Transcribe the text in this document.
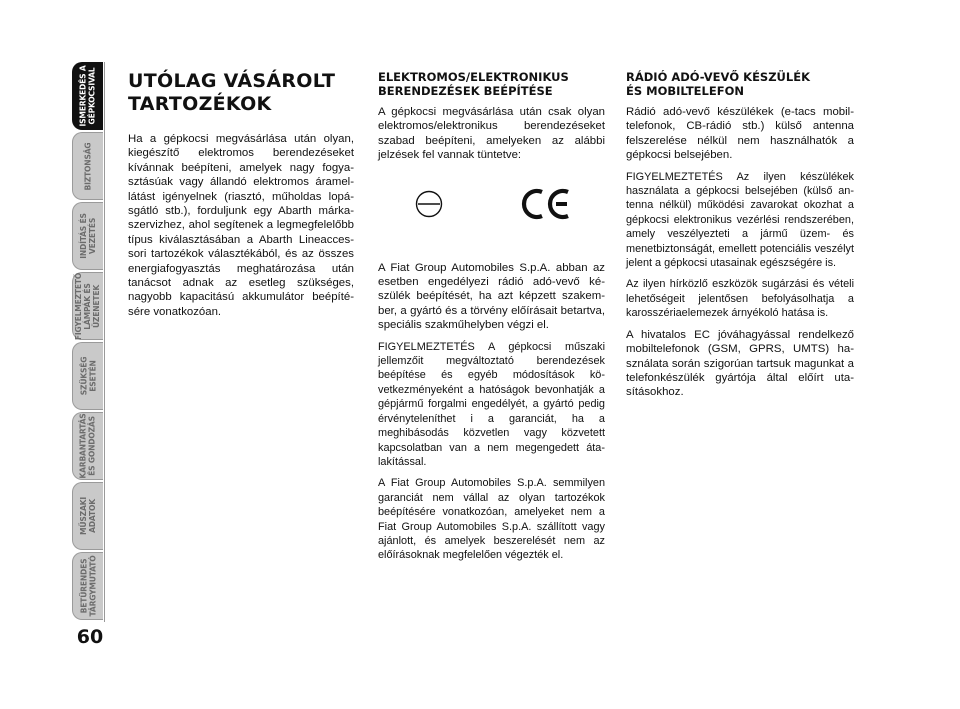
ISMERKEDÉS A
GÉPKOCSIVAL
BIZTONSÁG
INDÍTÁS ÉS
VEZETÉS
FIGYELMEZTETŐ
LÁMPÁK ÉS
ÜZENETEK
SZÜKSÉG
ESETÉN
KARBANTARTÁS
ÉS GONDOZÁS
MŰSZAKI
ADATOK
BETŰRENDES
TÁRGYMUTATÓ
60
UTÓLAG VÁSÁROLT
TARTOZÉKOK

Ha a gépkocsi megvásárlása után olyan, kiegészítő elektromos berendezéseket kívánnak beépíteni, amelyek nagy fogyasztásúak vagy állandó elektromos áramellátást igényelnek (riasztó, műholdas lopásgátló stb.), forduljunk egy Abarth márkaszervizhez, ahol segítenek a legmegfelelőbb típus kiválasztásában a Abarth Lineaccessori tartozékok választékából, és az összes energiafogyasztás meghatározása után tanácsot adnak az esetleg szükséges, nagyobb kapacitású akkumulátor beépítésére vonatkozóan.

ELEKTROMOS/ELEKTRONIKUS
BERENDEZÉSEK BEÉPÍTÉSE

A gépkocsi megvásárlása után csak olyan elektromos/elektronikus berendezéseket szabad beépíteni, amelyeken az alábbi jelzések fel vannak tüntetve:

A Fiat Group Automobiles S.p.A. abban az esetben engedélyezi rádió adó-vevő készülék beépítését, ha azt képzett szakember, a gyártó és a törvény előírásait betartva, speciális szakműhelyben végzi el.

FIGYELMEZTETÉS A gépkocsi műszaki jellemzőit megváltoztató berendezések beépítése és egyéb módosítások következményeként a hatóságok bevonhatják a gépjármű forgalmi engedélyét, a gyártó pedig érvényteleníthet i a garanciát, ha a meghibásodás közvetlen vagy közvetett kapcsolatban van a nem megengedett átalakítással.

A Fiat Group Automobiles S.p.A. semmilyen garanciát nem vállal az olyan tartozékok beépítésére vonatkozóan, amelyeket nem a Fiat Group Automobiles S.p.A. szállított vagy ajánlott, és amelyek beszerelését nem az előírásoknak megfelelően végezték el.

RÁDIÓ ADÓ-VEVŐ KÉSZÜLÉK
ÉS MOBILTELEFON

Rádió adó-vevő készülékek (e-tacs mobiltelefonok, CB-rádió stb.) külső antenna felszerelése nélkül nem használhatók a gépkocsi belsejében.

FIGYELMEZTETÉS Az ilyen készülékek használata a gépkocsi belsejében (külső antenna nélkül) működési zavarokat okozhat a gépkocsi elektronikus vezérlési rendszerében, amely veszélyezteti a jármű üzem- és menetbiztonságát, emellett potenciális veszélyt jelent a gépkocsi utasainak egészségére is.

Az ilyen hírközlő eszközök sugárzási és vételi lehetőségeit jelentősen befolyásolhatja a karosszériaelemezek árnyékoló hatása is.

A hivatalos EC jóváhagyással rendelkező mobiltelefonok (GSM, GPRS, UMTS) használata során szigorúan tartsuk magunkat a telefonkészülék gyártója által előírt utasításokhoz.
